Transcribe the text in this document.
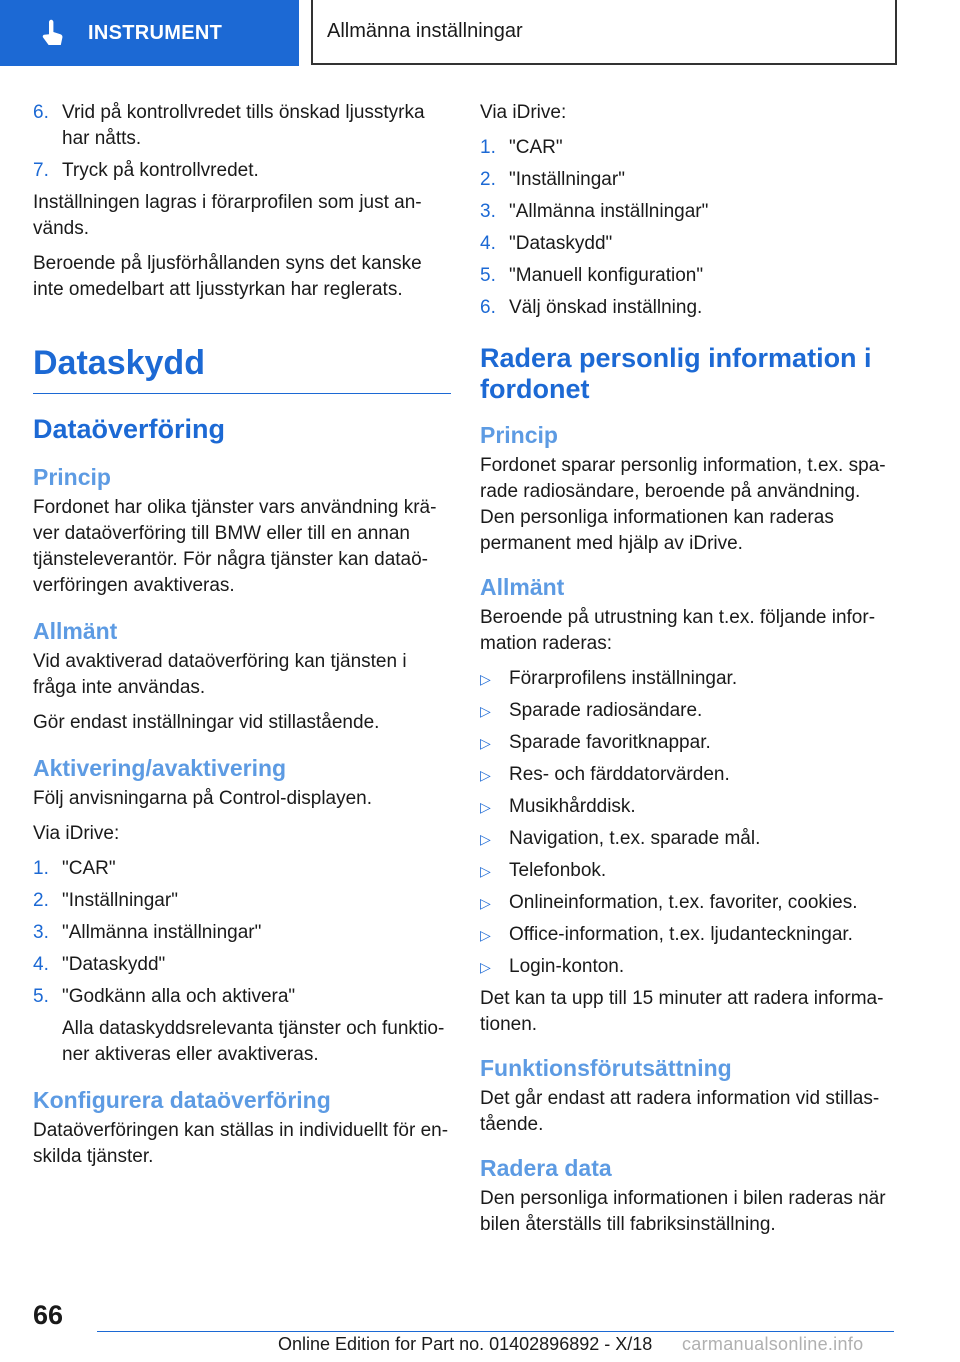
INSTRUMENT	Allmänna inställningar
6. Vrid på kontrollvredet tills önskad ljusstyrka har nåtts.
7. Tryck på kontrollvredet.

Inställningen lagras i förarprofilen som just an-vänds.

Beroende på ljusförhållanden syns det kanske inte omedelbart att ljusstyrkan har reglerats.

Dataskydd
Dataöverföring
Princip

Fordonet har olika tjänster vars användning krä-ver dataöverföring till BMW eller till en annan tjänsteleverantör. För några tjänster kan dataö-verföringen avaktiveras.

Allmänt

Vid avaktiverad dataöverföring kan tjänsten i fråga inte användas.

Gör endast inställningar vid stillastående.

Aktivering/avaktivering

Följ anvisningarna på Control-displayen.

Via iDrive:

1. "CAR"
2. "Inställningar"
3. "Allmänna inställningar"
4. "Dataskydd"
5. "Godkänn alla och aktivera"
Alla dataskyddsrelevanta tjänster och funktio-ner aktiveras eller avaktiveras.
Konfigurera dataöverföring

Dataöverföringen kan ställas in individuellt för en-skilda tjänster.

Via iDrive:

1. "CAR"
2. "Inställningar"
3. "Allmänna inställningar"
4. "Dataskydd"
5. "Manuell konfiguration"
6. Välj önskad inställning.
Radera personlig information i fordonet
Princip

Fordonet sparar personlig information, t.ex. spa-rade radiosändare, beroende på användning. Den personliga informationen kan raderas permanent med hjälp av iDrive.

Allmänt

Beroende på utrustning kan t.ex. följande infor-mation raderas:

▷ Förarprofilens inställningar.
▷ Sparade radiosändare.
▷ Sparade favoritknappar.
▷ Res- och färddatorvärden.
▷ Musikhårddisk.
▷ Navigation, t.ex. sparade mål.
▷ Telefonbok.
▷ Onlineinformation, t.ex. favoriter, cookies.
▷ Office-information, t.ex. ljudanteckningar.
▷ Login-konton.

Det kan ta upp till 15 minuter att radera informa-tionen.

Funktionsförutsättning

Det går endast att radera information vid stillas-tående.

Radera data

Den personliga informationen i bilen raderas när bilen återställs till fabriksinställning.

66
Online Edition for Part no. 01402896892 - X/18 carmanualsonline.info
